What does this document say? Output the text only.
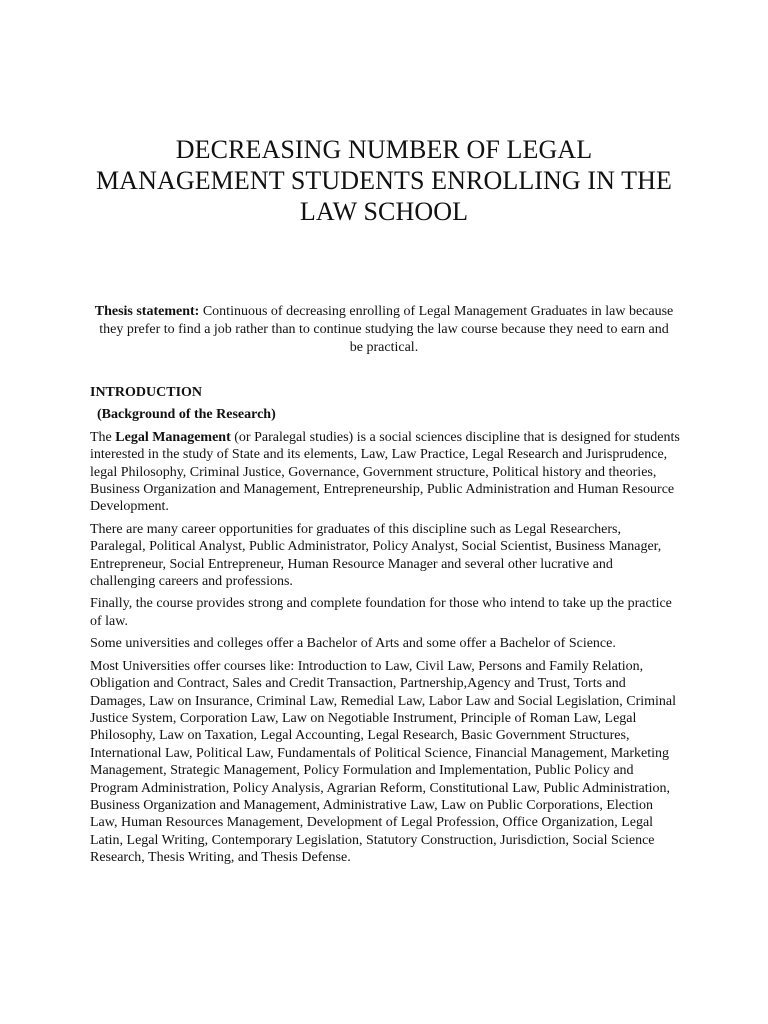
DECREASING NUMBER OF LEGAL MANAGEMENT STUDENTS ENROLLING IN THE LAW SCHOOL

Thesis statement: Continuous of decreasing enrolling of Legal Management Graduates in law because they prefer to find a job rather than to continue studying the law course because they need to earn and be practical.

INTRODUCTION
(Background of the Research)

The Legal Management (or Paralegal studies) is a social sciences discipline that is designed for students interested in the study of State and its elements, Law, Law Practice, Legal Research and Jurisprudence, legal Philosophy, Criminal Justice, Governance, Government structure, Political history and theories, Business Organization and Management, Entrepreneurship, Public Administration and Human Resource Development.

There are many career opportunities for graduates of this discipline such as Legal Researchers, Paralegal, Political Analyst, Public Administrator, Policy Analyst, Social Scientist, Business Manager, Entrepreneur, Social Entrepreneur, Human Resource Manager and several other lucrative and challenging careers and professions.

Finally, the course provides strong and complete foundation for those who intend to take up the practice of law.

Some universities and colleges offer a Bachelor of Arts and some offer a Bachelor of Science.

Most Universities offer courses like: Introduction to Law, Civil Law, Persons and Family Relation, Obligation and Contract, Sales and Credit Transaction, Partnership,Agency and Trust, Torts and Damages, Law on Insurance, Criminal Law, Remedial Law, Labor Law and Social Legislation, Criminal Justice System, Corporation Law, Law on Negotiable Instrument, Principle of Roman Law, Legal Philosophy, Law on Taxation, Legal Accounting, Legal Research, Basic Government Structures, International Law, Political Law, Fundamentals of Political Science, Financial Management, Marketing Management, Strategic Management, Policy Formulation and Implementation, Public Policy and Program Administration, Policy Analysis, Agrarian Reform, Constitutional Law, Public Administration, Business Organization and Management, Administrative Law, Law on Public Corporations, Election Law, Human Resources Management, Development of Legal Profession, Office Organization, Legal Latin, Legal Writing, Contemporary Legislation, Statutory Construction, Jurisdiction, Social Science Research, Thesis Writing, and Thesis Defense.
